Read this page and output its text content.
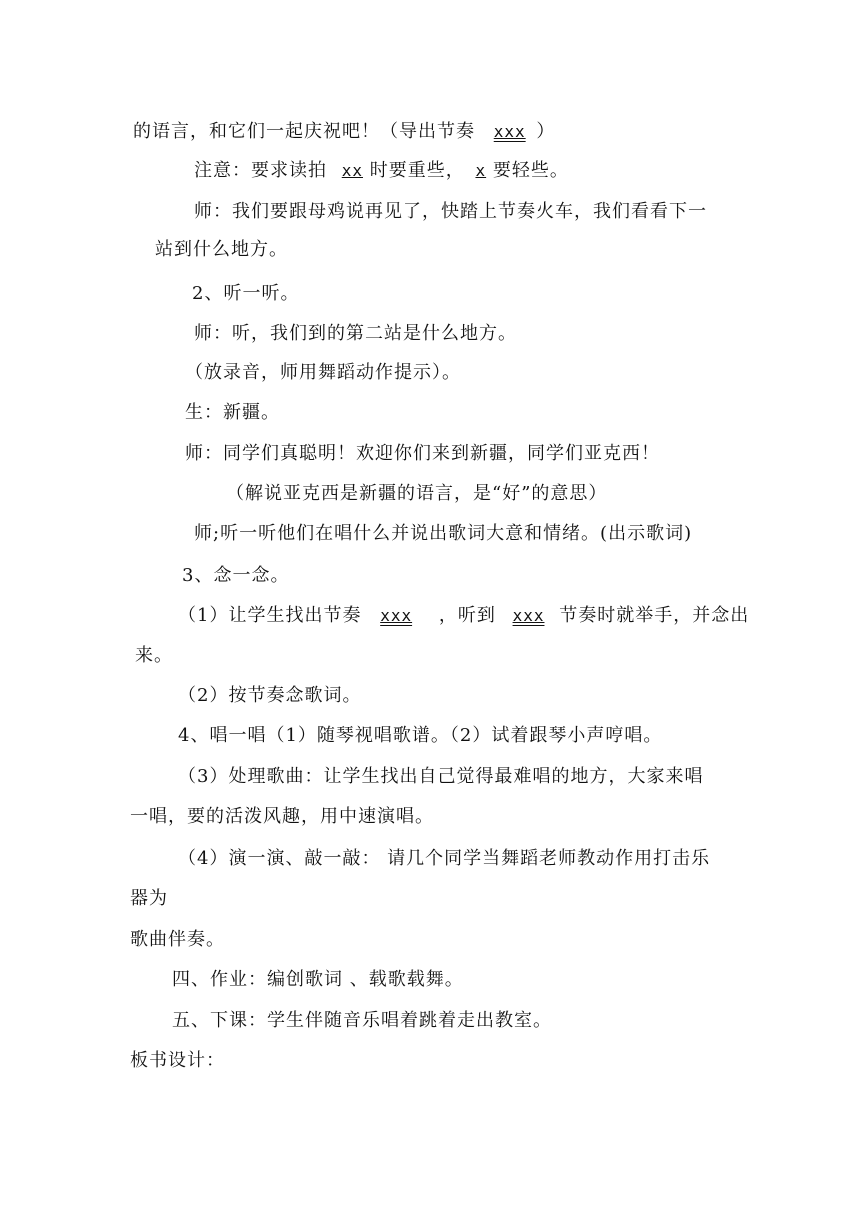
的语言，和它们一起庆祝吧！（导出节奏 xxx ）
注意：要求读拍 xx 时要重些， x 要轻些。
师：我们要跟母鸡说再见了，快踏上节奏火车，我们看看下一
站到什么地方。
2、听一听。
师：听，我们到的第二站是什么地方。
（放录音，师用舞蹈动作提示）。
生：新疆。
师：同学们真聪明！欢迎你们来到新疆，同学们亚克西！
（解说亚克西是新疆的语言，是“好”的意思）
师;听一听他们在唱什么并说出歌词大意和情绪。(出示歌词)
3、念一念。
（1）让学生找出节奏 xxx ，听到 xxx 节奏时就举手，并念出
来。
（2）按节奏念歌词。
4、唱一唱（1）随琴视唱歌谱。（2）试着跟琴小声哼唱。
（3）处理歌曲：让学生找出自己觉得最难唱的地方，大家来唱
一唱，要的活泼风趣，用中速演唱。
（4）演一演、敲一敲： 请几个同学当舞蹈老师教动作用打击乐
器为
歌曲伴奏。
四、作业：编创歌词 、载歌载舞。
五、下课：学生伴随音乐唱着跳着走出教室。
板书设计：
